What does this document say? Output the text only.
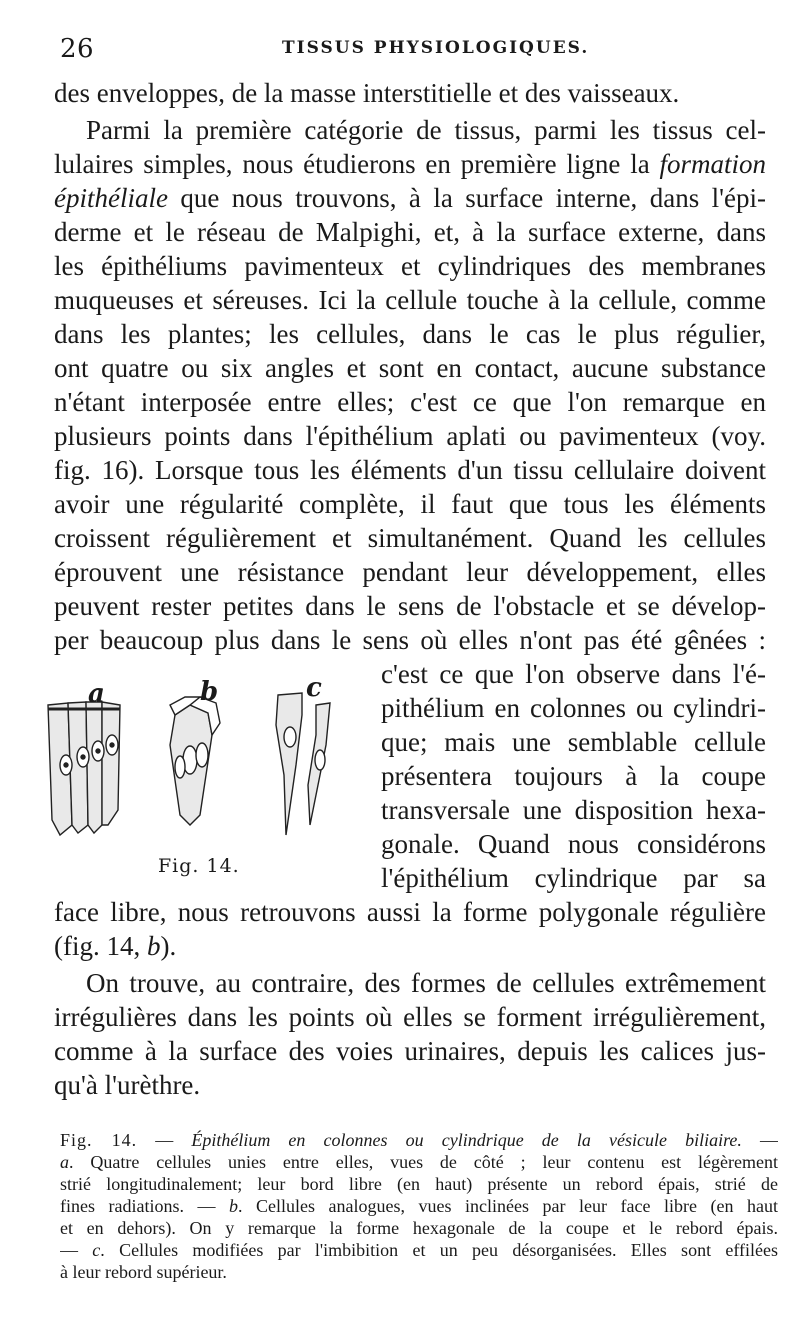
26	TISSUS PHYSIOLOGIQUES.
des enveloppes, de la masse interstitielle et des vaisseaux.
Parmi la première catégorie de tissus, parmi les tissus cel-
lulaires simples, nous étudierons en première ligne la formation
épithéliale que nous trouvons, à la surface interne, dans l'épi-
derme et le réseau de Malpighi, et, à la surface externe, dans
les épithéliums pavimenteux et cylindriques des membranes
muqueuses et séreuses. Ici la cellule touche à la cellule, comme
dans les plantes; les cellules, dans le cas le plus régulier,
ont quatre ou six angles et sont en contact, aucune substance
n'étant interposée entre elles; c'est ce que l'on remarque en
plusieurs points dans l'épithélium aplati ou pavimenteux (voy.
fig. 16). Lorsque tous les éléments d'un tissu cellulaire doivent
avoir une régularité complète, il faut que tous les éléments
croissent régulièrement et simultanément. Quand les cellules
éprouvent une résistance pendant leur développement, elles
peuvent rester petites dans le sens de l'obstacle et se dévelop-
per beaucoup plus dans le sens où elles n'ont pas été gênées :
c'est ce que l'on observe dans l'é-
pithélium en colonnes ou cylindri-
que; mais une semblable cellule
présentera toujours à la coupe
transversale une disposition hexa-
gonale. Quand nous considérons
l'épithélium cylindrique par sa
face libre, nous retrouvons aussi la forme polygonale régulière
(fig. 14, b).
On trouve, au contraire, des formes de cellules extrêmement
irrégulières dans les points où elles se forment irrégulièrement,
comme à la surface des voies urinaires, depuis les calices jus-
qu'à l'urèthre.
a	b	c
Fig. 14.
Fig. 14. — Épithélium en colonnes ou cylindrique de la vésicule biliaire. —
a. Quatre cellules unies entre elles, vues de côté ; leur contenu est légèrement
strié longitudinalement; leur bord libre (en haut) présente un rebord épais, strié de
fines radiations. — b. Cellules analogues, vues inclinées par leur face libre (en haut
et en dehors). On y remarque la forme hexagonale de la coupe et le rebord épais.
— c. Cellules modifiées par l'imbibition et un peu désorganisées. Elles sont effilées
à leur rebord supérieur.
